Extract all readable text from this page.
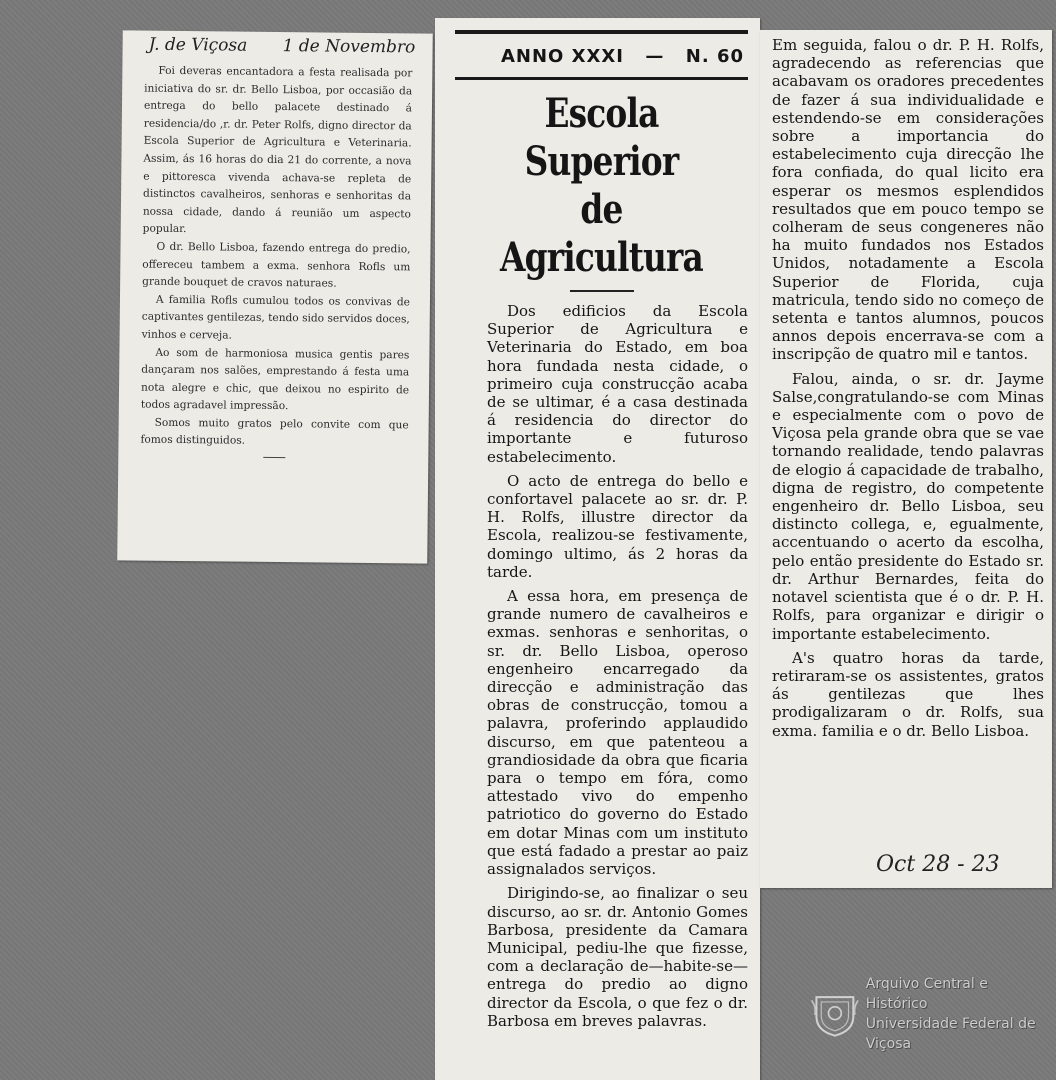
J. de Viçosa 1 de Novembro

Foi deveras encantadora a festa realisada por iniciativa do sr. dr. Bello Lisboa, por occasião da entrega do bello palacete destinado á residencia/do ,r. dr. Peter Rolfs, digno director da Escola Superior de Agricultura e Veterinaria. Assim, ás 16 horas do dia 21 do corrente, a nova e pittoresca vivenda achava-se repleta de distinctos cavalheiros, senhoras e senhoritas da nossa cidade, dando á reunião um aspecto popular.

O dr. Bello Lisboa, fazendo entrega do predio, offereceu tambem a exma. senhora Rofls um grande bouquet de cravos naturaes.

A familia Rofls cumulou todos os convivas de captivantes gentilezas, tendo sido servidos doces, vinhos e cerveja.

Ao som de harmoniosa musica gentis pares dançaram nos salões, emprestando á festa uma nota alegre e chic, que deixou no espirito de todos agradavel impressão.

Somos muito gratos pelo convite com que fomos distinguidos.

ANNO XXXI — N. 60
Escola Superior
de Agricultura

Dos edificios da Escola Superior de Agricultura e Veterinaria do Estado, em boa hora fundada nesta cidade, o primeiro cuja construcção acaba de se ultimar, é a casa destinada á residencia do director do importante e futuroso estabelecimento.

O acto de entrega do bello e confortavel palacete ao sr. dr. P. H. Rolfs, illustre director da Escola, realizou-se festivamente, domingo ultimo, ás 2 horas da tarde.

A essa hora, em presença de grande numero de cavalheiros e exmas. senhoras e senhoritas, o sr. dr. Bello Lisboa, operoso engenheiro encarregado da direcção e administração das obras de construcção, tomou a palavra, proferindo applaudido discurso, em que patenteou a grandiosidade da obra que ficaria para o tempo em fóra, como attestado vivo do empenho patriotico do governo do Estado em dotar Minas com um instituto que está fadado a prestar ao paiz assignalados serviços.

Dirigindo-se, ao finalizar o seu discurso, ao sr. dr. Antonio Gomes Barbosa, presidente da Camara Municipal, pediu-lhe que fizesse, com a declaração de—habite-se—entrega do predio ao digno director da Escola, o que fez o dr. Barbosa em breves palavras.

Em seguida, falou o dr. P. H. Rolfs, agradecendo as referencias que acabavam os oradores precedentes de fazer á sua individualidade e estendendo-se em considerações sobre a importancia do estabelecimento cuja direcção lhe fora confiada, do qual licito era esperar os mesmos esplendidos resultados que em pouco tempo se colheram de seus congeneres não ha muito fundados nos Estados Unidos, notadamente a Escola Superior de Florida, cuja matricula, tendo sido no começo de setenta e tantos alumnos, poucos annos depois encerrava-se com a inscripção de quatro mil e tantos.

Falou, ainda, o sr. dr. Jayme Salse,congratulando-se com Minas e especialmente com o povo de Viçosa pela grande obra que se vae tornando realidade, tendo palavras de elogio á capacidade de trabalho, digna de registro, do competente engenheiro dr. Bello Lisboa, seu distincto collega, e, egualmente, accentuando o acerto da escolha, pelo então presidente do Estado sr. dr. Arthur Bernardes, feita do notavel scientista que é o dr. P. H. Rolfs, para organizar e dirigir o importante estabelecimento.

A's quatro horas da tarde, retiraram-se os assistentes, gratos ás gentilezas que lhes prodigalizaram o dr. Rolfs, sua exma. familia e o dr. Bello Lisboa.

Oct 28 - 23
Arquivo Central e Histórico
Universidade Federal de Viçosa
